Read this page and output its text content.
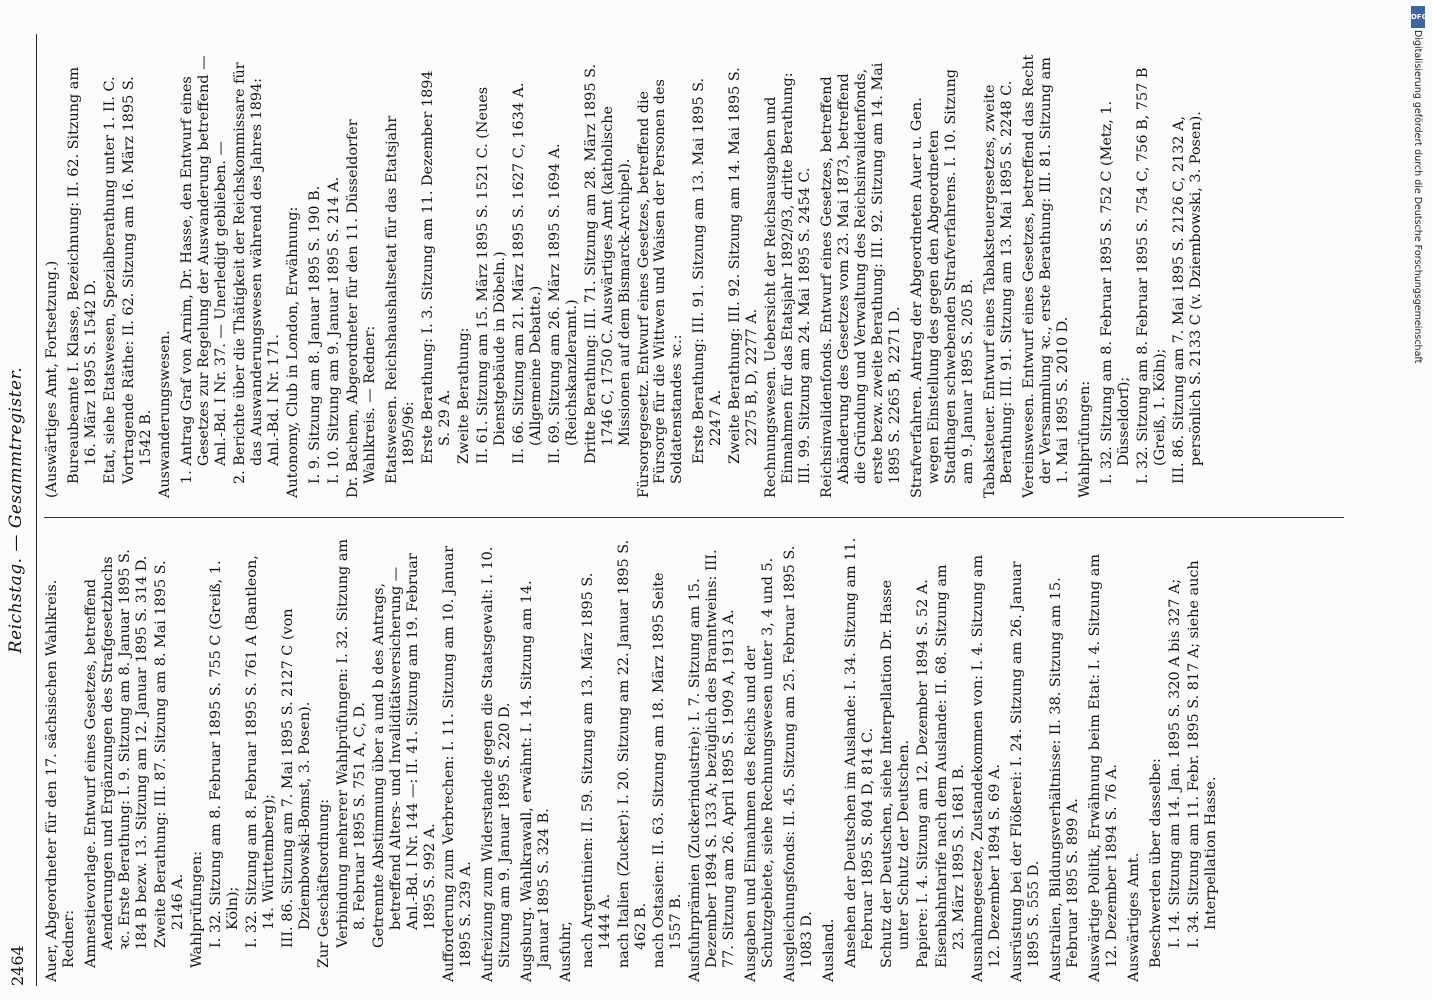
2464
Reichstag. — Gesammtregister.

Auer, Abgeordneter für den 17. sächsischen Wahlkreis. Redner: Amnestievorlage. Entwurf eines Gesetzes, betreffend Aenderungen und Ergänzungen des Strafgesetzbuchs ꝛc. Erste Berathung: I. 9. Sitzung am 8. Januar 1895 S. 184 B bezw. 13. Sitzung am 12. Januar 1895 S. 314 D. Zweite Berathung: III. 87. Sitzung am 8. Mai 1895 S. 2146 A. Wahlprüfungen: I. 32. Sitzung am 8. Februar 1895 S. 755 C (Greiß, 1. Köln); I. 32. Sitzung am 8. Februar 1895 S. 761 A (Bantleon, 14. Württemberg); III. 86. Sitzung am 7. Mai 1895 S. 2127 C (von Dziembowski-Bomst, 3. Posen). Zur Geschäftsordnung: Verbindung mehrerer Wahlprüfungen: I. 32. Sitzung am 8. Februar 1895 S. 751 A, C, D. Getrennte Abstimmung über a und b des Antrags, betreffend Alters- und Invaliditätsversicherung — Anl.-Bd. I Nr. 144 —: II. 41. Sitzung am 19. Februar 1895 S. 992 A. Aufforderung zum Verbrechen: I. 11. Sitzung am 10. Januar 1895 S. 239 A. Aufreizung zum Widerstande gegen die Staatsgewalt: I. 10. Sitzung am 9. Januar 1895 S. 220 D. Augsburg. Wahlkrawall, erwähnt: I. 14. Sitzung am 14. Januar 1895 S. 324 B. Ausfuhr, nach Argentinien: II. 59. Sitzung am 13. März 1895 S. 1444 A. nach Italien (Zucker): I. 20. Sitzung am 22. Januar 1895 S. 462 B. nach Ostasien: II. 63. Sitzung am 18. März 1895 Seite 1557 B. Ausfuhrprämien (Zuckerindustrie): I. 7. Sitzung am 15. Dezember 1894 S. 133 A; bezüglich des Branntweins: III. 77. Sitzung am 26. April 1895 S. 1909 A, 1913 A. Ausgaben und Einnahmen des Reichs und der Schutzgebiete, siehe Rechnungswesen unter 3, 4 und 5. Ausgleichungsfonds: II. 45. Sitzung am 25. Februar 1895 S. 1083 D. Ausland. Ansehen der Deutschen im Auslande: I. 34. Sitzung am 11. Februar 1895 S. 804 D, 814 C. Schutz der Deutschen, siehe Interpellation Dr. Hasse unter Schutz der Deutschen. Papiere: I. 4. Sitzung am 12. Dezember 1894 S. 52 A. Eisenbahntarife nach dem Auslande: II. 68. Sitzung am 23. März 1895 S. 1681 B. Ausnahmegesetze, Zustandekommen von: I. 4. Sitzung am 12. Dezember 1894 S. 69 A. Ausrüstung bei der Flößerei: I. 24. Sitzung am 26. Januar 1895 S. 555 D. Australien, Bildungsverhältnisse: II. 38. Sitzung am 15. Februar 1895 S. 899 A. Auswärtige Politik, Erwähnung beim Etat: I. 4. Sitzung am 12. Dezember 1894 S. 76 A. Auswärtiges Amt. Beschwerden über dasselbe: I. 14. Sitzung am 14. Jan. 1895 S. 320 A bis 327 A; I. 34. Sitzung am 11. Febr. 1895 S. 817 A; siehe auch Interpellation Hasse.

(Auswärtiges Amt, Fortsetzung.) Bureaubeamte I. Klasse, Bezeichnung: II. 62. Sitzung am 16. März 1895 S. 1542 D. Etat, siehe Etatswesen, Spezialberathung unter 1. II. C. Vortragende Räthe: II. 62. Sitzung am 16. März 1895 S. 1542 B. Auswanderungswesen. 1. Antrag Graf von Arnim, Dr. Hasse, den Entwurf eines Gesetzes zur Regelung der Auswanderung betreffend — Anl.-Bd. I Nr. 37. — Unerledigt geblieben. — 2. Berichte über die Thätigkeit der Reichskommissare für das Auswanderungswesen während des Jahres 1894: Anl.-Bd. I Nr. 171. Autonomy, Club in London, Erwähnung: I. 9. Sitzung am 8. Januar 1895 S. 190 B. I. 10. Sitzung am 9. Januar 1895 S. 214 A. Dr. Bachem, Abgeordneter für den 11. Düsseldorfer Wahlkreis. — Redner: Etatswesen. Reichshaushaltsetat für das Etatsjahr 1895/96: Erste Berathung: I. 3. Sitzung am 11. Dezember 1894 S. 29 A. Zweite Berathung: II. 61. Sitzung am 15. März 1895 S. 1521 C. (Neues Dienstgebäude in Döbeln.) II. 66. Sitzung am 21. März 1895 S. 1627 C, 1634 A. (Allgemeine Debatte.) II. 69. Sitzung am 26. März 1895 S. 1694 A. (Reichskanzleramt.) Dritte Berathung: III. 71. Sitzung am 28. März 1895 S. 1746 C, 1750 C. Auswärtiges Amt (katholische Missionen auf dem Bismarck-Archipel). Fürsorgegesetz. Entwurf eines Gesetzes, betreffend die Fürsorge für die Wittwen und Waisen der Personen des Soldatenstandes ꝛc.: Erste Berathung: III. 91. Sitzung am 13. Mai 1895 S. 2247 A. Zweite Berathung: III. 92. Sitzung am 14. Mai 1895 S. 2275 B, D, 2277 A. Rechnungswesen. Uebersicht der Reichsausgaben und Einnahmen für das Etatsjahr 1892/93, dritte Berathung: III. 99. Sitzung am 24. Mai 1895 S. 2454 C. Reichsinvalidenfonds. Entwurf eines Gesetzes, betreffend Abänderung des Gesetzes vom 23. Mai 1873, betreffend die Gründung und Verwaltung des Reichsinvalidenfonds, erste bezw. zweite Berathung: III. 92. Sitzung am 14. Mai 1895 S. 2265 B, 2271 D. Strafverfahren. Antrag der Abgeordneten Auer u. Gen. wegen Einstellung des gegen den Abgeordneten Stadthagen schwebenden Strafverfahrens. I. 10. Sitzung am 9. Januar 1895 S. 205 B. Tabaksteuer. Entwurf eines Tabaksteuergesetzes, zweite Berathung: III. 91. Sitzung am 13. Mai 1895 S. 2248 C. Vereinswesen. Entwurf eines Gesetzes, betreffend das Recht der Versammlung ꝛc., erste Berathung: III. 81. Sitzung am 1. Mai 1895 S. 2010 D. Wahlprüfungen: I. 32. Sitzung am 8. Februar 1895 S. 752 C (Metz, 1. Düsseldorf); I. 32. Sitzung am 8. Februar 1895 S. 754 C, 756 B, 757 B (Greiß, 1. Köln); III. 86. Sitzung am 7. Mai 1895 S. 2126 C, 2132 A, persönlich S. 2133 C (v. Dziembowski, 3. Posen).

DFG
Digitalisierung gefördert durch die Deutsche Forschungsgemeinschaft
